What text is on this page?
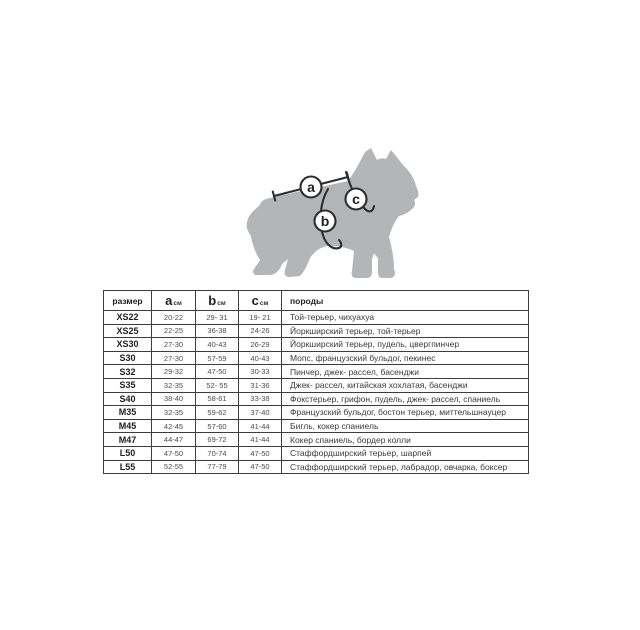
a
b
c
размер	aсм	bсм	cсм	породы
XS22	20-22	29- 31	19- 21	Той-терьер, чихуахуа
XS25	22-25	36-38	24-26	Йоркширский терьер, той-терьер
XS30	27-30	40-43	26-29	Йоркширский терьер, пудель, цвергпинчер
S30	27-30	57-59	40-43	Мопс, французский бульдог, пекинес
S32	29-32	47-50	30-33	Пинчер, джек- рассел, басенджи
S35	32-35	52- 55	31-36	Джек- рассел, китайская хохлатая, басенджи
S40	38-40	58-61	33-38	Фокстерьер, грифон, пудель, джек- рассел, спаниель
M35	32-35	59-62	37-40	Французский бульдог, бостон терьер, миттельшнауцер
M45	42-45	57-60	41-44	Бигль, кокер спаниель
M47	44-47	69-72	41-44	Кокер спаниель, бордер колли
L50	47-50	70-74	47-50	Стаффордширский терьер, шарпей
L55	52-55	77-79	47-50	Стаффордширский терьер, лабрадор, овчарка, боксер
